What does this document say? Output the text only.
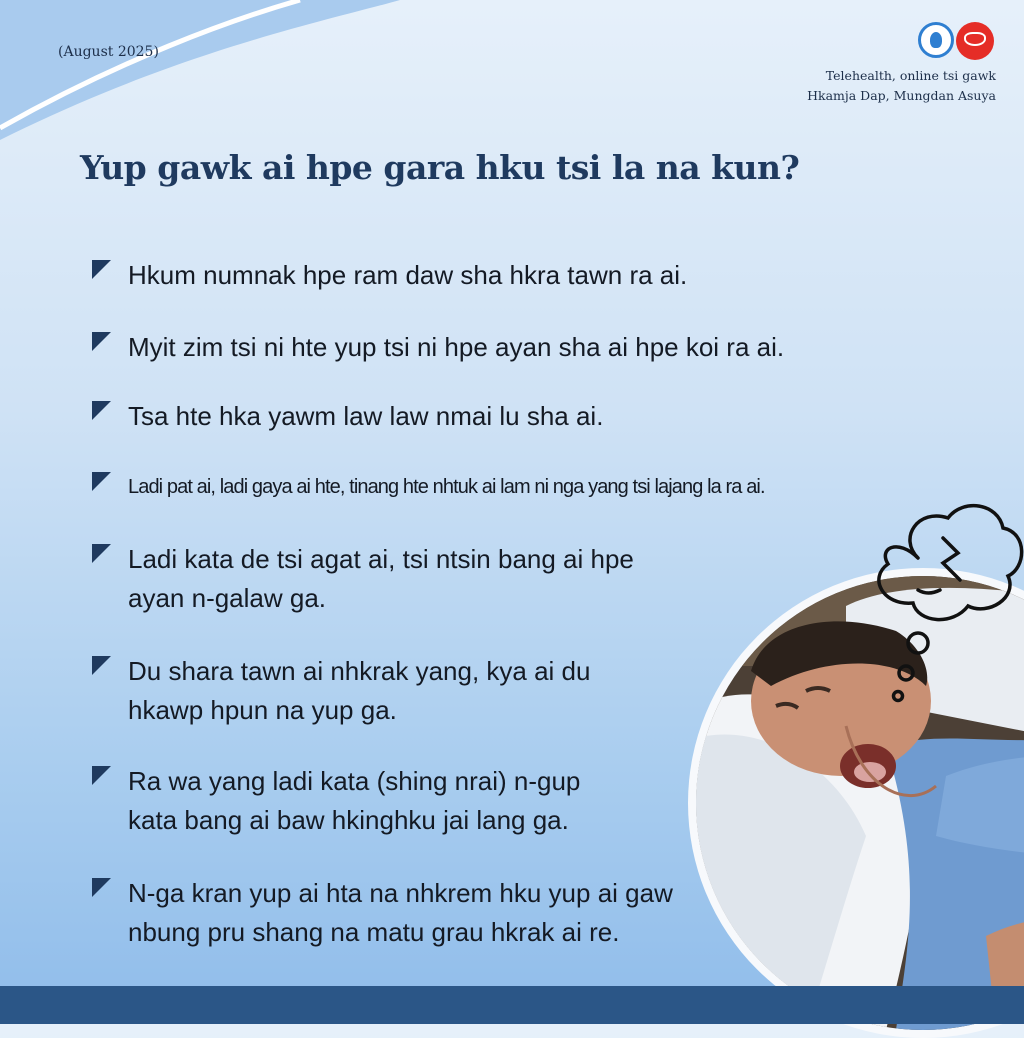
(August 2025)
Telehealth, online tsi gawk
Hkamja Dap, Mungdan Asuya
Yup gawk ai hpe gara hku tsi la na kun?
Hkum numnak hpe ram daw sha hkra tawn ra ai.
Myit zim tsi ni hte yup tsi ni hpe ayan sha ai hpe koi ra ai.
Tsa hte hka yawm law law nmai lu sha ai.
Ladi pat ai, ladi gaya ai hte, tinang hte nhtuk ai lam ni nga yang tsi lajang la ra ai.
Ladi kata de tsi agat ai, tsi ntsin bang ai hpe
ayan n-galaw ga.
Du shara tawn ai nhkrak yang, kya ai du
hkawp hpun na yup ga.
Ra wa yang ladi kata (shing nrai) n-gup
kata bang ai baw hkinghku jai lang ga.
N-ga kran yup ai hta na nhkrem hku yup ai gaw
nbung pru shang na matu grau hkrak ai re.
